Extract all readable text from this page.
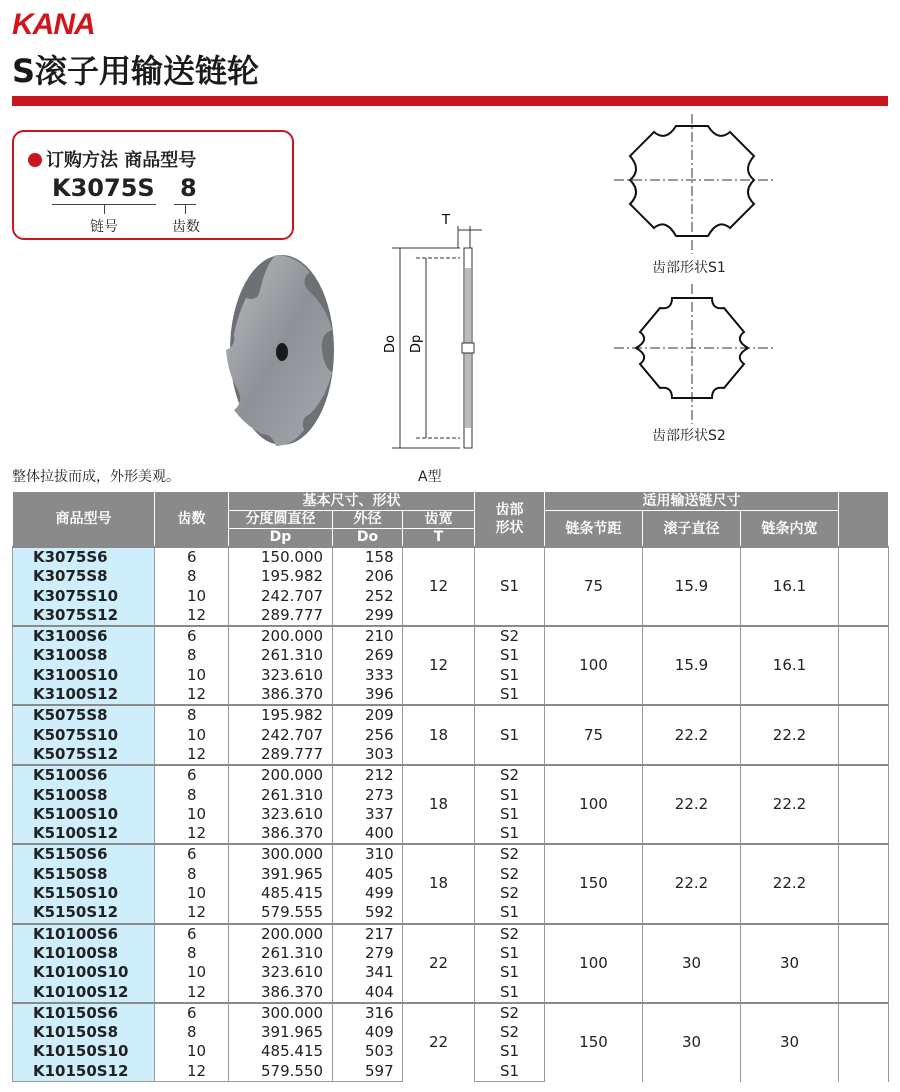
KANA
S滚子用输送链轮
订购方法 商品型号
K3075S 8
链号	齿数	T
Do Dp
A型
齿部形状S1
齿部形状S2
整体拉拔而成，外形美观。
商品型号	齿数	基本尺寸、形状			齿部
形状	适用输送链尺寸			
		分度圆直径	外径	齿宽		链条节距	滚子直径	链条内宽	
		Dp	Do	T					
K3075S6	6	150.000	158	12	S1	75	15.9	16.1	
K3075S8	8	195.982	206						
K3075S10	10	242.707	252						
K3075S12	12	289.777	299						
K3100S6	6	200.000	210	12	S2	100	15.9	16.1	
K3100S8	8	261.310	269		S1				
K3100S10	10	323.610	333		S1				
K3100S12	12	386.370	396		S1				
K5075S8	8	195.982	209	18	S1	75	22.2	22.2	
K5075S10	10	242.707	256						
K5075S12	12	289.777	303						
K5100S6	6	200.000	212	18	S2	100	22.2	22.2	
K5100S8	8	261.310	273		S1				
K5100S10	10	323.610	337		S1				
K5100S12	12	386.370	400		S1				
K5150S6	6	300.000	310	18	S2	150	22.2	22.2	
K5150S8	8	391.965	405		S2				
K5150S10	10	485.415	499		S2				
K5150S12	12	579.555	592		S1				
K10100S6	6	200.000	217	22	S2	100	30	30	
K10100S8	8	261.310	279		S1				
K10100S10	10	323.610	341		S1				
K10100S12	12	386.370	404		S1				
K10150S6	6	300.000	316	22	S2	150	30	30	
K10150S8	8	391.965	409		S2				
K10150S10	10	485.415	503		S1				
K10150S12	12	579.550	597		S1				
